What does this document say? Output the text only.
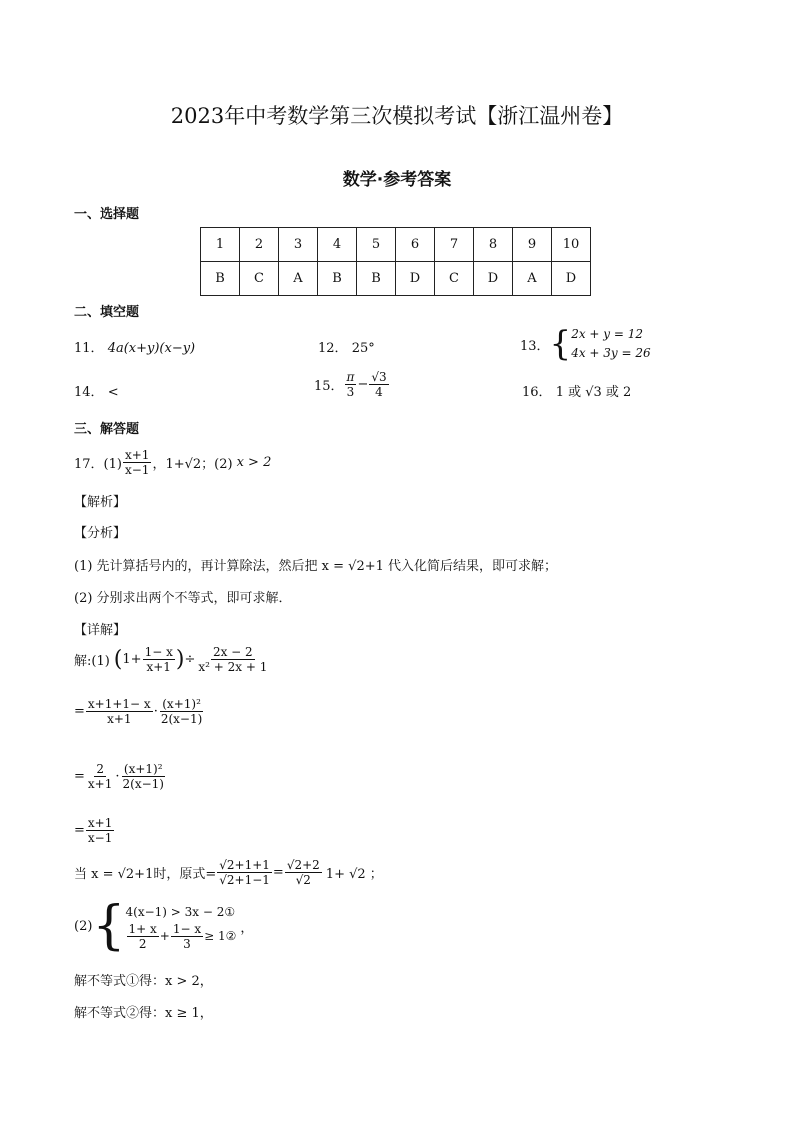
2023年中考数学第三次模拟考试【浙江温州卷】
数学·参考答案
一、选择题
1	2	3	4	5	6	7	8	9	10
B	C	A	B	B	D	C	D	A	D
二、填空题
11． 4a(x+y)(x−y)	12． 25°	13． { 2x + y = 12
4x + 3y = 26
14． <	15． $\frac{\pi}{3} - \frac{√3}{4}$	16． 1 或 √3 或 2
三、解答题
17．$(1) \frac{x+1}{x-1}$ ，1+√2；(2) x > 2
【解析】
【分析】
(1) 先计算括号内的，再计算除法，然后把 x = √2+1 代入化简后结果，即可求解；
(2) 分别求出两个不等式，即可求解．
【详解】
解:(1) ( $1+ \frac{1- x}{x+1}$ ) ÷ $\frac{2x - 2}{\text{x² + 2x + 1}}$
= $\frac{x+1+1- x}{x+1} \cdot \frac{\text{(x+1)²}}{2(x-1)}$
= $\frac{2}{x+1} \cdot \frac{\text{(x+1)²}}{2(x-1)}$
= $\frac{x+1}{x-1}$
当 x = √2+1时，原式= $\frac{√2+1+1}{√2+1-1} = \frac{√2+2}{√2} 1+ √2$ ；
(2) { 4(x−1) > 3x − 2①
$\frac{1+ x}{2} + \frac{1- x}{3}$ ≥ 1②
，
解不等式①得：x > 2，
解不等式②得：x ≥ 1，
